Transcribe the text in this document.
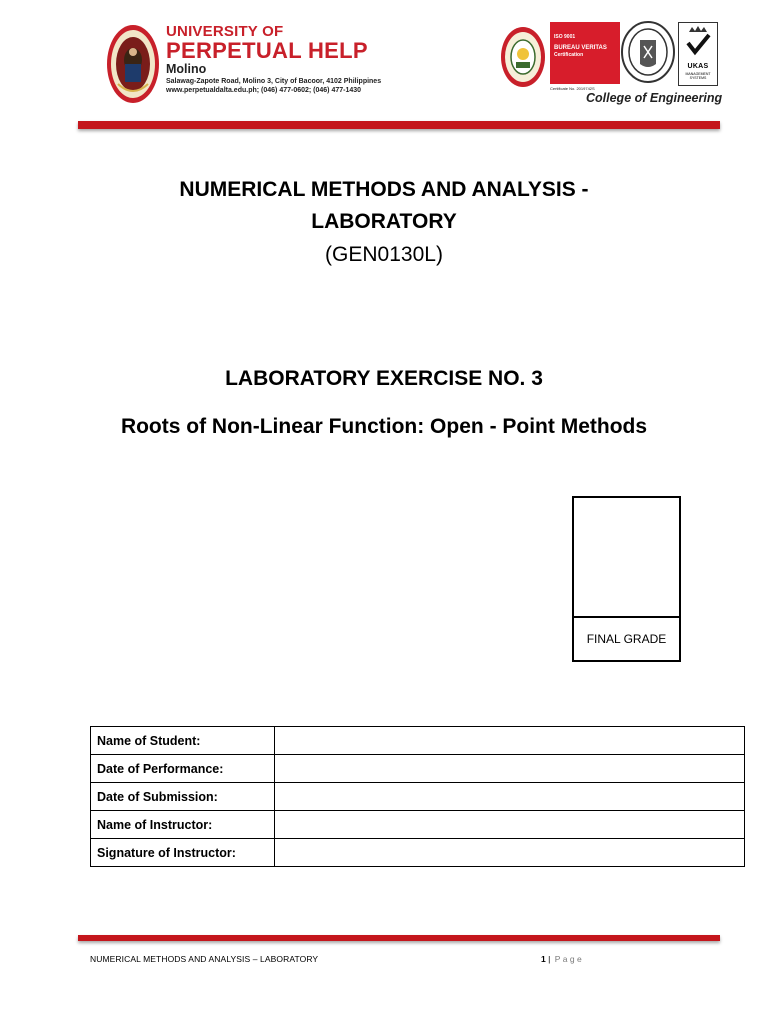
UNIVERSITY OF
PERPETUAL HELP
Molino
Salawag-Zapote Road, Molino 3, City of Bacoor, 4102 Philippines
www.perpetualdalta.edu.ph; (046) 477-0602; (046) 477-1430
ISO 9001
BUREAU VERITAS
Certification
Certificate No. 2019742S
UKAS
MANAGEMENT SYSTEMS
College of Engineering
NUMERICAL METHODS AND ANALYSIS -
LABORATORY
(GEN0130L)
LABORATORY EXERCISE NO. 3
Roots of Non-Linear Function: Open - Point Methods
FINAL GRADE
Name of Student:	
Date of Performance:	
Date of Submission:	
Name of Instructor:	
Signature of Instructor:	
NUMERICAL METHODS AND ANALYSIS – LABORATORY	1 | Page
